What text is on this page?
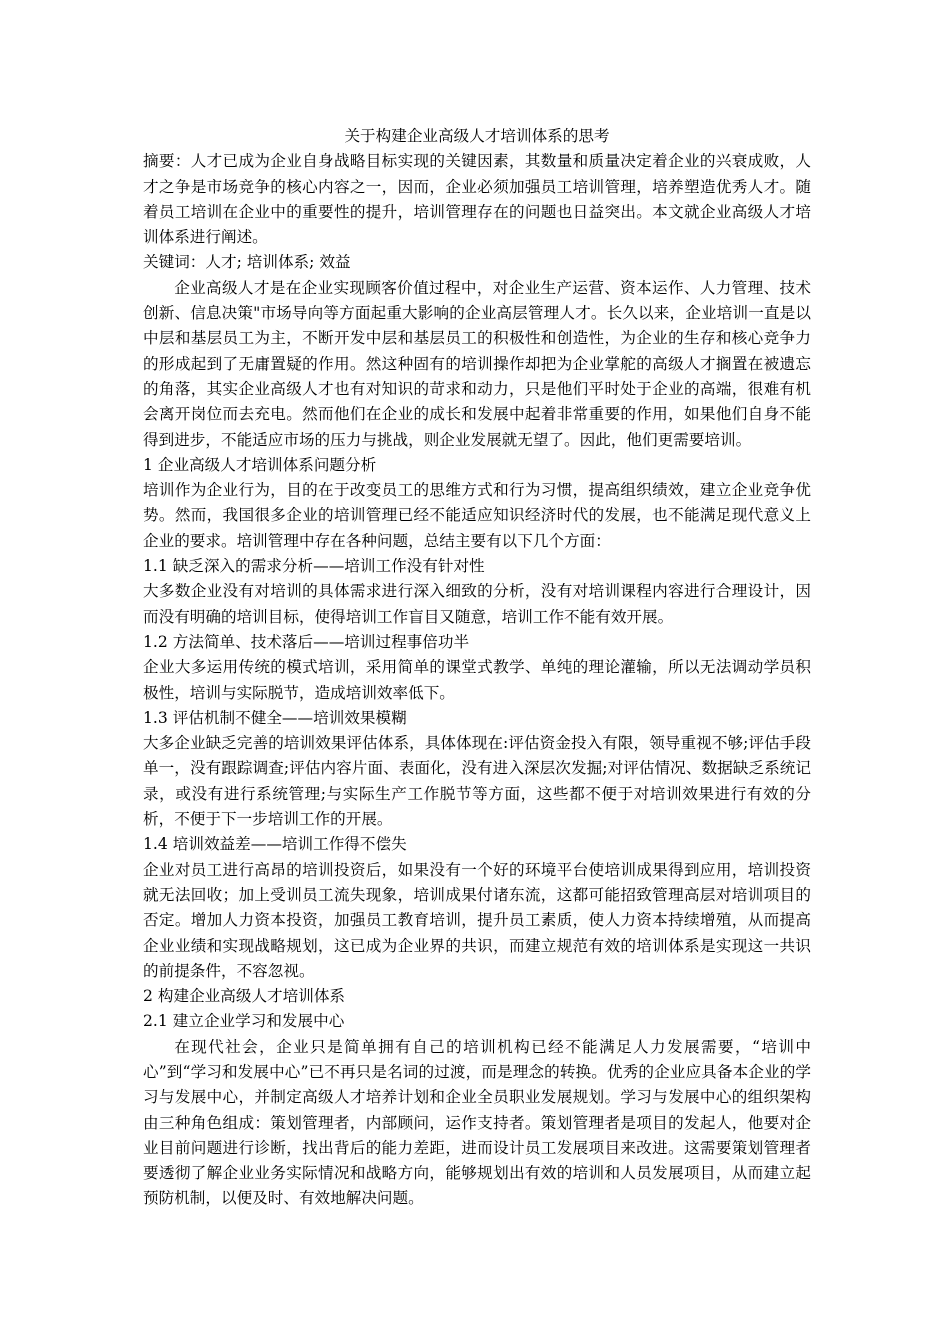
关于构建企业高级人才培训体系的思考

摘要：人才已成为企业自身战略目标实现的关键因素，其数量和质量决定着企业的兴衰成败，人才之争是市场竞争的核心内容之一，因而，企业必须加强员工培训管理，培养塑造优秀人才。随着员工培训在企业中的重要性的提升，培训管理存在的问题也日益突出。本文就企业高级人才培训体系进行阐述。

关键词：人才; 培训体系; 效益

企业高级人才是在企业实现顾客价值过程中，对企业生产运营、资本运作、人力管理、技术创新、信息决策"市场导向等方面起重大影响的企业高层管理人才。长久以来，企业培训一直是以中层和基层员工为主，不断开发中层和基层员工的积极性和创造性，为企业的生存和核心竞争力的形成起到了无庸置疑的作用。然这种固有的培训操作却把为企业掌舵的高级人才搁置在被遗忘的角落，其实企业高级人才也有对知识的苛求和动力，只是他们平时处于企业的高端，很难有机会离开岗位而去充电。然而他们在企业的成长和发展中起着非常重要的作用，如果他们自身不能得到进步，不能适应市场的压力与挑战，则企业发展就无望了。因此，他们更需要培训。

1 企业高级人才培训体系问题分析

培训作为企业行为，目的在于改变员工的思维方式和行为习惯，提高组织绩效，建立企业竞争优势。然而，我国很多企业的培训管理已经不能适应知识经济时代的发展，也不能满足现代意义上企业的要求。培训管理中存在各种问题，总结主要有以下几个方面：

1.1 缺乏深入的需求分析——培训工作没有针对性

大多数企业没有对培训的具体需求进行深入细致的分析，没有对培训课程内容进行合理设计，因而没有明确的培训目标，使得培训工作盲目又随意，培训工作不能有效开展。

1.2 方法简单、技术落后——培训过程事倍功半

企业大多运用传统的模式培训，采用简单的课堂式教学、单纯的理论灌输，所以无法调动学员积极性，培训与实际脱节，造成培训效率低下。

1.3 评估机制不健全——培训效果模糊

大多企业缺乏完善的培训效果评估体系，具体体现在:评估资金投入有限，领导重视不够;评估手段单一，没有跟踪调查;评估内容片面、表面化，没有进入深层次发掘;对评估情况、数据缺乏系统记录，或没有进行系统管理;与实际生产工作脱节等方面，这些都不便于对培训效果进行有效的分析，不便于下一步培训工作的开展。

1.4 培训效益差——培训工作得不偿失

企业对员工进行高昂的培训投资后，如果没有一个好的环境平台使培训成果得到应用，培训投资就无法回收；加上受训员工流失现象，培训成果付诸东流，这都可能招致管理高层对培训项目的否定。增加人力资本投资，加强员工教育培训，提升员工素质，使人力资本持续增殖，从而提高企业业绩和实现战略规划，这已成为企业界的共识，而建立规范有效的培训体系是实现这一共识的前提条件，不容忽视。

2 构建企业高级人才培训体系
2.1 建立企业学习和发展中心

在现代社会，企业只是简单拥有自己的培训机构已经不能满足人力发展需要，“培训中心”到“学习和发展中心”已不再只是名词的过渡，而是理念的转换。优秀的企业应具备本企业的学习与发展中心，并制定高级人才培养计划和企业全员职业发展规划。学习与发展中心的组织架构由三种角色组成：策划管理者，内部顾问，运作支持者。策划管理者是项目的发起人，他要对企业目前问题进行诊断，找出背后的能力差距，进而设计员工发展项目来改进。这需要策划管理者要透彻了解企业业务实际情况和战略方向，能够规划出有效的培训和人员发展项目，从而建立起预防机制，以便及时、有效地解决问题。
